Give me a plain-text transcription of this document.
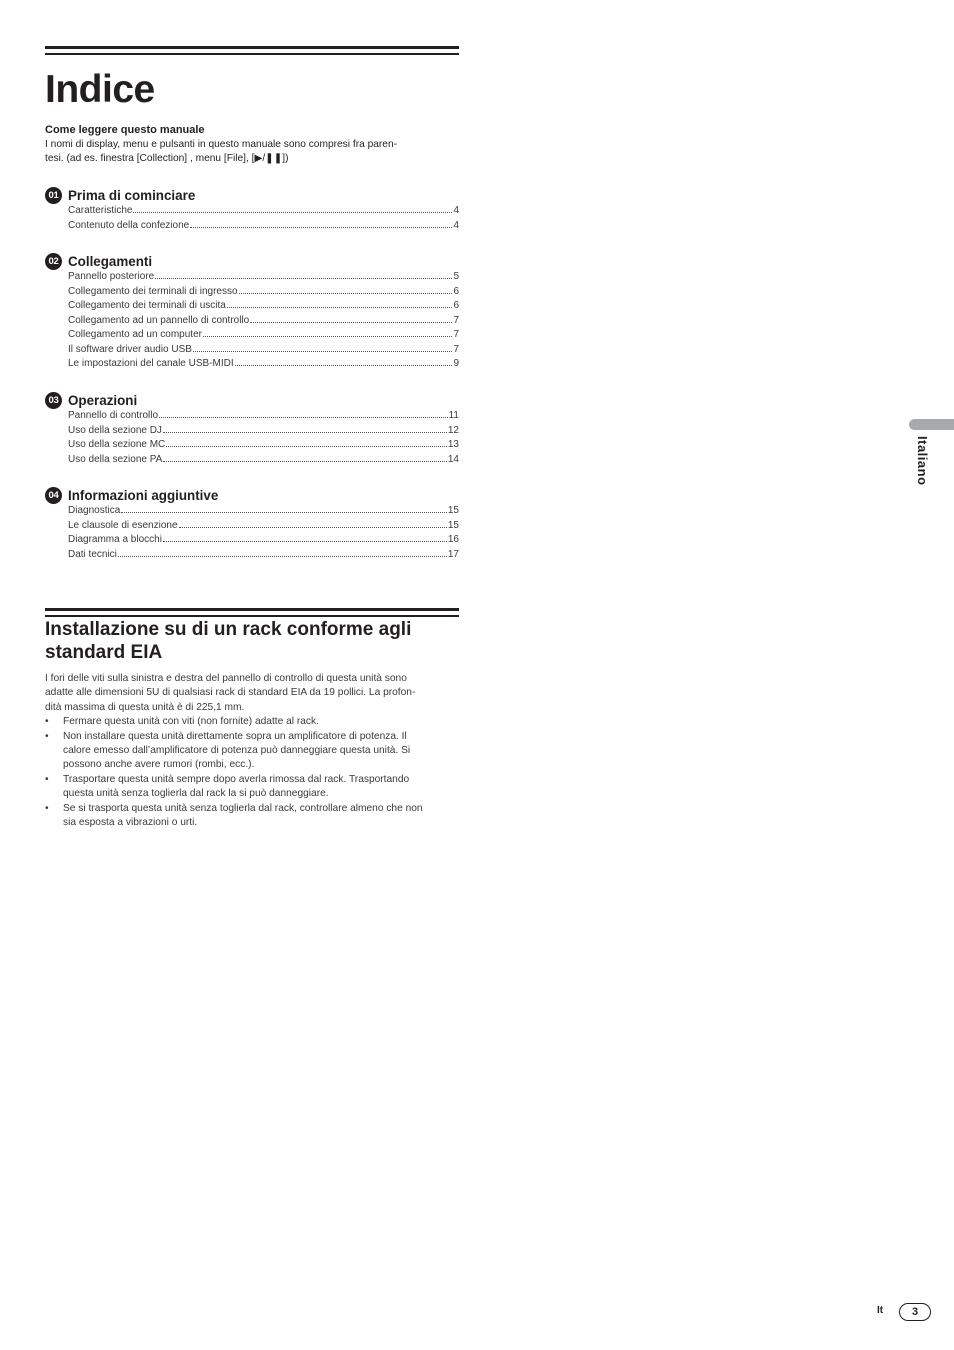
Indice
Come leggere questo manuale
I nomi di display, menu e pulsanti in questo manuale sono compresi fra paren-
tesi. (ad es. finestra [Collection] , menu [File], [▶/❚❚])
01 Prima di cominciare
Caratteristiche	4
Contenuto della confezione	4
02 Collegamenti
Pannello posteriore	5
Collegamento dei terminali di ingresso	6
Collegamento dei terminali di uscita	6
Collegamento ad un pannello di controllo	7
Collegamento ad un computer	7
Il software driver audio USB	7
Le impostazioni del canale USB-MIDI	9
03 Operazioni
Pannello di controllo	11
Uso della sezione DJ	12
Uso della sezione MC	13
Uso della sezione PA	14
04 Informazioni aggiuntive
Diagnostica	15
Le clausole di esenzione	15
Diagramma a blocchi	16
Dati tecnici	17
Installazione su di un rack conforme agli
standard EIA

I fori delle viti sulla sinistra e destra del pannello di controllo di questa unità sono
adatte alle dimensioni 5U di qualsiasi rack di standard EIA da 19 pollici. La profon-
dità massima di questa unità è di 225,1 mm.

• Fermare questa unità con viti (non fornite) adatte al rack.
• Non installare questa unità direttamente sopra un amplificatore di potenza. Il
calore emesso dall’amplificatore di potenza può danneggiare questa unità. Si
possono anche avere rumori (rombi, ecc.).
• Trasportare questa unità sempre dopo averla rimossa dal rack. Trasportando
questa unità senza toglierla dal rack la si può danneggiare.
• Se si trasporta questa unità senza toglierla dal rack, controllare almeno che non
sia esposta a vibrazioni o urti.
Italiano
It	3
